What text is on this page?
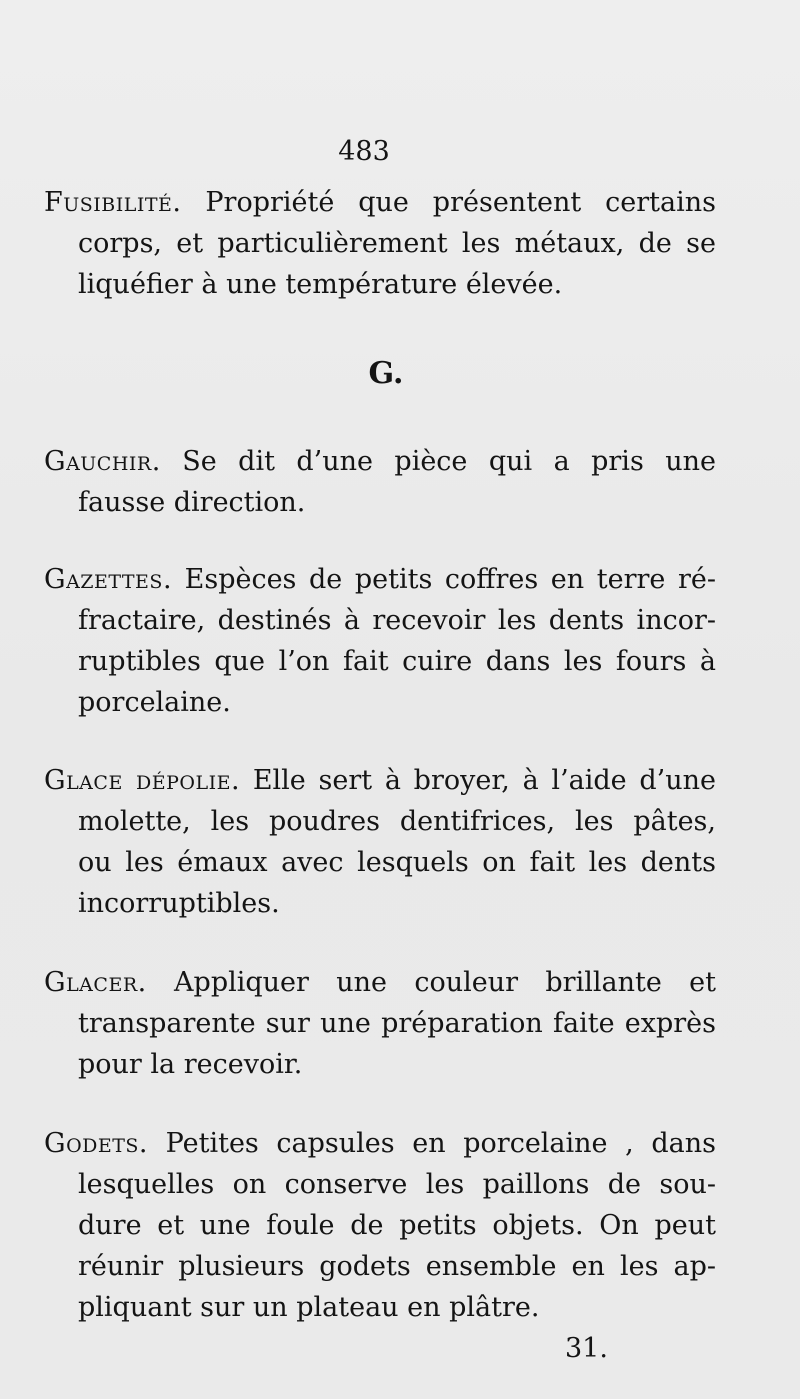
483
Fusibilité. Propriété que présentent certains
corps, et particulièrement les métaux, de se
liquéfier à une température élevée.
G.
Gauchir. Se dit d’une pièce qui a pris une
fausse direction.
Gazettes. Espèces de petits coffres en terre ré-
fractaire, destinés à recevoir les dents incor-
ruptibles que l’on fait cuire dans les fours à
porcelaine.
Glace dépolie. Elle sert à broyer, à l’aide d’une
molette, les poudres dentifrices, les pâtes,
ou les émaux avec lesquels on fait les dents
incorruptibles.
Glacer. Appliquer une couleur brillante et
transparente sur une préparation faite exprès
pour la recevoir.
Godets. Petites capsules en porcelaine , dans
lesquelles on conserve les paillons de sou-
dure et une foule de petits objets. On peut
réunir plusieurs godets ensemble en les ap-
pliquant sur un plateau en plâtre.
31.
